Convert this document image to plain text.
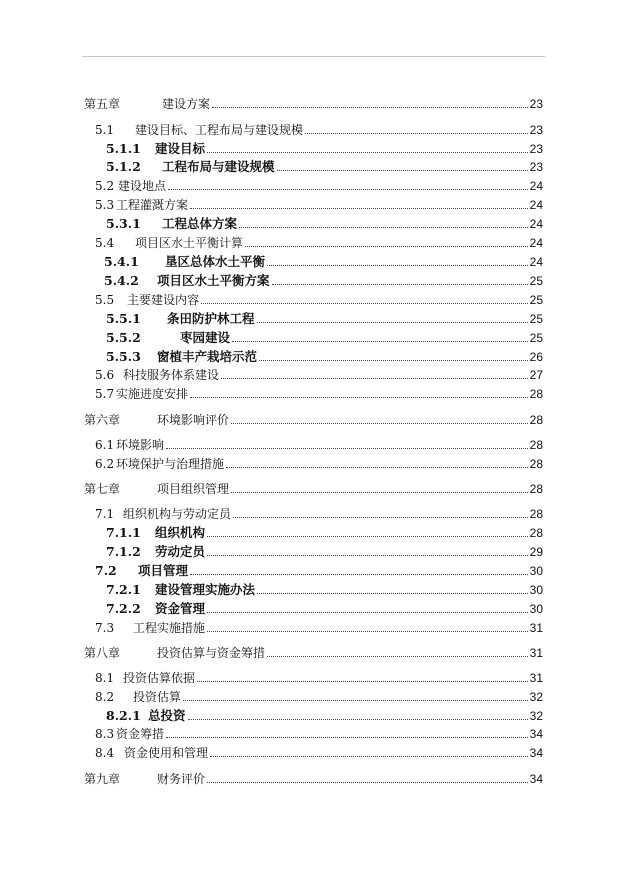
第五章	建设方案	23
5.1 建设目标、工程布局与建设规模	23
5.1.1 建设目标	23
5.1.2 工程布局与建设规模	23
5.2 建设地点	24
5.3 工程灌溉方案	24
5.3.1 工程总体方案	24
5.4 项目区水土平衡计算	24
5.4.1 垦区总体水土平衡	24
5.4.2 项目区水土平衡方案	25
5.5 主要建设内容	25
5.5.1 条田防护林工程	25
5.5.2	枣园建设	25
5.5.3 窗植丰产栽培示范	26
5.6 科技服务体系建设	27
5.7 实施进度安排	28
第六章	环境影响评价	28
6.1 环境影响	28
6.2 环境保护与治理措施	28
第七章	项目组织管理	28
7.1 组织机构与劳动定员	28
7.1.1 组织机构	28
7.1.2 劳动定员	29
7.2 项目管理	30
7.2.1 建设管理实施办法	30
7.2.2 资金管理	30
7.3 工程实施措施	31
第八章	投资估算与资金筹措	31
8.1 投资估算依据	31
8.2 投资估算	32
8.2.1 总投资	32
8.3 资金筹措	34
8.4 资金使用和管理	34
第九章	财务评价	34
